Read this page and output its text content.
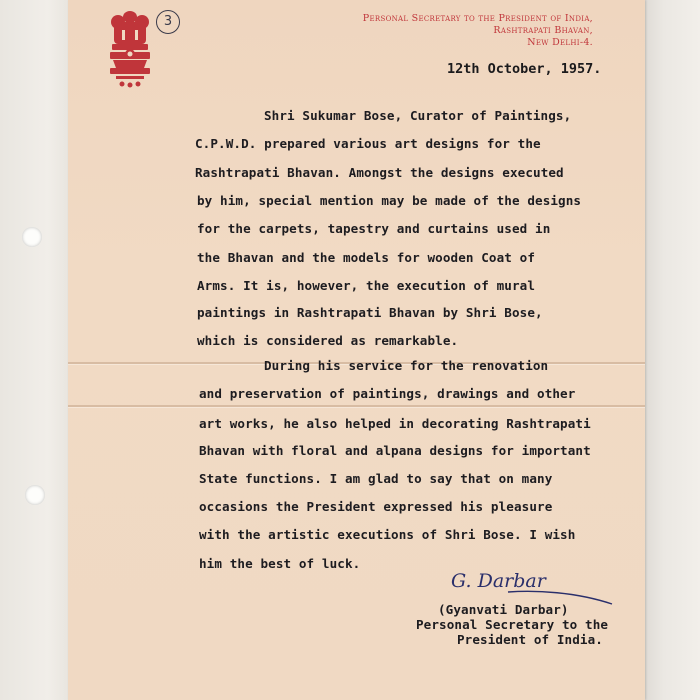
3	Personal Secretary to the President of India,
Rashtrapati Bhavan,
New Delhi-4.
12th October, 1957.
Shri Sukumar Bose, Curator of Paintings,
C.P.W.D. prepared various art designs for the
Rashtrapati Bhavan. Amongst the designs executed
by him, special mention may be made of the designs
for the carpets, tapestry and curtains used in
the Bhavan and the models for wooden Coat of
Arms. It is, however, the execution of mural
paintings in Rashtrapati Bhavan by Shri Bose,
which is considered as remarkable.
During his service for the renovation
and preservation of paintings, drawings and other
art works, he also helped in decorating Rashtrapati
Bhavan with floral and alpana designs for important
State functions. I am glad to say that on many
occasions the President expressed his pleasure
with the artistic executions of Shri Bose. I wish
him the best of luck.
G. Darbar
(Gyanvati Darbar)
Personal Secretary to the
President of India.
